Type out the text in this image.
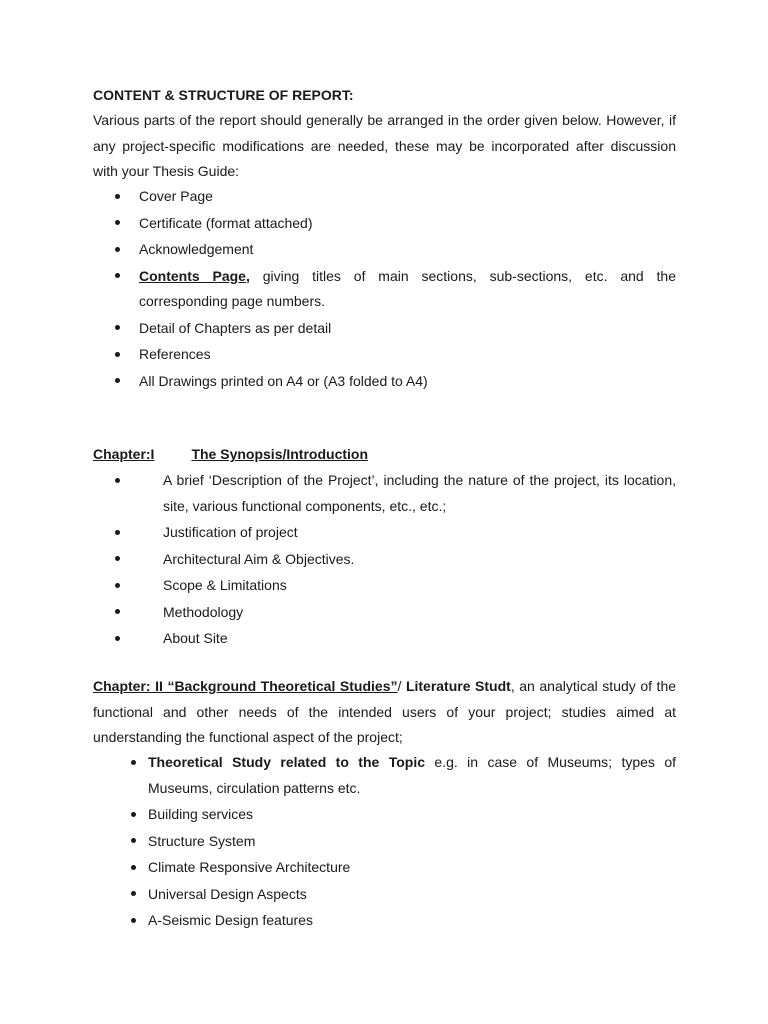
CONTENT & STRUCTURE OF REPORT:
Various parts of the report should generally be arranged in the order given below. However, if any project-specific modifications are needed, these may be incorporated after discussion with your Thesis Guide:
Cover Page
Certificate (format attached)
Acknowledgement
Contents Page, giving titles of main sections, sub-sections, etc. and the corresponding page numbers.
Detail of Chapters as per detail
References
All Drawings printed on A4 or (A3 folded to A4)
Chapter:I	The Synopsis/Introduction
A brief ‘Description of the Project’, including the nature of the project, its location, site, various functional components, etc., etc.;
Justification of project
Architectural Aim & Objectives.
Scope & Limitations
Methodology
About Site
Chapter: II “Background Theoretical Studies”/ Literature Studt, an analytical study of the functional and other needs of the intended users of your project; studies aimed at understanding the functional aspect of the project;
Theoretical Study related to the Topic e.g. in case of Museums; types of Museums, circulation patterns etc.
Building services
Structure System
Climate Responsive Architecture
Universal Design Aspects
A-Seismic Design features
